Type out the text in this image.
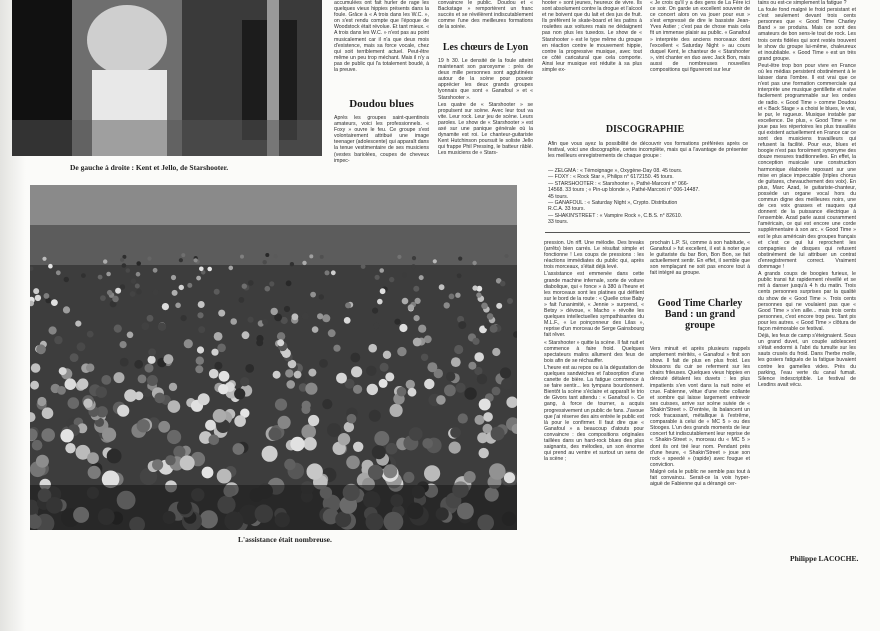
De gauche à droite : Kent et Jello, de Starshooter.
L'assistance était nombreuse.

accumulées ont fait hurler de rage les quelques vieux hippies présents dans la foule. Grâce à « A trois dans les W.C. », on s'est rendu compte que l'époque de Woodstock était révolue. Et tant mieux. « A trois dans les W.C. » n'est pas au point musicalement car il n'a que deux mois d'existence, mais sa force vocale, chez qui soit terriblement actuel. Peut-être même un peu trop méchant. Mais il n'y a pas de public qui l'a totalement boudé, à la preuve.

Doudou blues

Après les groupes saint-quentinois amateurs, voici les professionnels. « Foxy » ouvre le feu. Ce groupe s'est volontairement attribué une image teenager (adolescente) qui apparaît dans la tenue vestimentaire de ses musiciens (vestes bariolées, coupes de cheveux impec-

convaincre le public. Doudou et « Backstage » remportèrent un franc succès et se révélèrent indiscutablement comme l'une des meilleures formations de la soirée.

Les chœurs de Lyon

19 h 30. Le densité de la foule atteint maintenant son paroxysme : près de deux mille personnes sont agglutinées autour de la scène pour pouvoir apprécier les deux grands groupes lyonnais que sont « Ganafoul » et « Starshooter ».

Les quatre de « Starshooter » se propulsent sur scène. Avec leur tout va vite. Leur rock. Leur jeu de scène. Leurs paroles. Le show de « Starshooter » est axé sur une panique générale où la dynamite est roi. Le chanteur-guitariste Kent Hutchinson poursuit le soliste Jello qui frappe Phil Pressing, le batteur râblé. Les musiciens de « Stars-

hooter » sont jeunes, heureux de vivre. Ils sont absolument contre la drogue et l'alcool et ne boivent que du lait et des jus de fruit. Ils préfèrent le skate-board et les patins à roulettes aux voitures mais ne dédaignent pas non plus les tuxedos. Le show de « Starshooter » est le type même du groupe en réaction contre le mouvement hippie, contre la progressive musique, avec tout ce côté caricatural que cela comporte. Ainsi leur musique est réduite à sa plus simple ex-

« Je crois qu'il y a des gens de La Fère ici ce soir. On garde un excellent souvenir de ce concert alors on va jouer pour eux » s'est empressé de dire le bassiste Jean-Yves Astier ; c'est pas de chose mais cela fit un immense plaisir au public. « Ganafoul » interprète des anciens morceaux dont l'excellent « Saturday Night » au cours duquel Kent, le chanteur de « Starshooter », vint chanter en duo avec Jack Bon, mais aussi de nombreuses nouvelles compositions qui figureront sur leur

DISCOGRAPHIE

Afin que vous ayez la possibilité de découvrir vos formations préférées après ce festival, voici une discographie, certes incomplète, mais qui a l'avantage de présenter les meilleurs enregistrements de chaque groupe :

— ZELGMA : « Témoignage », Oxygène-Day 08. 45 tours.
— FOXY : « Rock Star », Philips n° 6172150. 45 tours.
— STARSHOOTER : « Starshooter », Pathé-Marconi n° 066-
14568. 33 tours ; « Pin-up blonde », Pathé-Marconi n° 006-14487.
45 tours.
— GANAFOUL : « Saturday Night », Crypto. Distribution
R.C.A. 33 tours.
— SHAKIN'STREET : « Vampire Rock », C.B.S. n° 82610.
33 tours.

pression. Un riff. Une mélodie. Des breaks (arrêts) bien carrés. Le résultat simple et fonctionne ! Les coups de pressions : les réactions immédiates du public qui, après trois morceaux, s'était déjà levé.

L'assistance est emmenée dans cette grande machine infernale, sorte de voiture diabolique, qui « fonce » à 380 à l'heure et les morceaux sont les platines qui défilent sur le bord de la route : « Quelle crise Baby » fait l'unanimité, « Jennie » surprend, « Betsy » dévoue, « Macho » révolte les quelques intellectuelles sympathisantes du M.L.F., « Le poinçonneur des Lilas », reprise d'un morceau de Serge Gainsbourg fait rêver.

« Starshooter » quitte la scène. Il fait nuit et commence à faire froid. Quelques spectateurs malins allument des feux de bois afin de se réchauffer.

L'heure est au repos ou à la dégustation de quelques sandwiches et l'absorption d'une canette de bière. La fatigue commence à se faire sentir... les tympans bourdonnent. Bientôt la scène s'éclaire et apparaît le trio de Givors tant attendu : « Ganafoul ». Ce gang, à force de tourner, a acquis progressivement un public de fans. J'avoue que j'ai réserve des airs entrée le public est là pour le confirmer. Il faut dire que « Ganafoul » a beaucoup d'atouts pour convaincre : des compositions originales taillées dans un hard-rock blues des plus saignants, des mélodies, un son énorme qui prend au ventre et surtout un sens de la scène ;

prochain L.P. Si, comme à son habitude, « Ganafoul » fut excellent, il est à noter que le guitariste du bar Bon, Bon Bon, se fait actuellement sentir. En effet, il semble que son remplaçant ne soit pas encore tout à fait intégré au groupe.

Good Time Charley Band : un grand groupe

Vers minuit et après plusieurs rappels amplement mérités, « Ganafoul » finit son show. Il fait de plus en plus froid. Les blousons du cuir se referment sur les chairs frileuses. Quelques vieux hippies en dérouté détalent les duvets : les plus impatients s'en vont dans la nuit noire et crue. Fabienne, vêtue d'une robe collante et sombre qui laisse largement entrevoir ses cuisses, arrive sur scène suivie de « Shakin'Street ». D'entrée, ils balancent un rock fracassant, métallique à l'extrême, comparable à celui de « MC 5 » ou des Stooges. L'un des grands moments de leur concert fut indiscutablement leur reprise de « Shakin-Street », morceau du « MC 5 » dont ils ont tiré leur nom. Pendant près d'une heure, « Shakin'Street » joue son rock « speedé » (rapide) avec fougue et conviction.

Malgré cela le public ne semble pas tout à fait convaincu. Serait-ce la voix hyper-aiguë de Fabienne qui a dérangé cer-

tains ou est-ce simplement la fatigue ?

La foule fond malgré le froid persistant et c'est seulement devant trois cents personnes que « Good Time Charley Band » se produira. Mais ce sont des amateurs de bon sens-le tout de rock. Les trois cents fidèles qui sont restés trouvent le show du groupe lui-même, chaleureux et inoubliable. « Good Time » est un très grand groupe.

Peut-être trop bon pour vivre en France où les médias persistent obstinément à le laisser dans l'ombre. Il est vrai que ce n'est pas une formation commerciale qui interprète une musique gentillette et naïve facilement programmable sur les ondes de radio. « Good Time » comme Doudou et « Back Stage » a choisi le blues, le vrai, le pur, le rugueux. Musique instable par excellence. De plus, « Good Time » ne joue pas les répertoires les plus travaillés qui existent actuellement en France car ce sont des musiciens travailleurs qui refusent la facilité. Pour eux, blues et boogie n'est pas forcément synonyme des douze mesures traditionnelles. En effet, la conception musicale une construction harmonique élaborée reposant sur une mise en place impeccable (triples chorus de guitares, chevauchement des voix). En plus, Marc Azad, le guitariste-chanteur, possède un organe vocal hors du commun digne des meilleures noirs, une de ces voix grasses et rauques qui donnent de la puissance électrique à l'ensemble. Azad parle aussi couramment l'américain, ce qui est encore une corde supplémentaire à son arc. « Good Time » est le plus américain des groupes français et c'est ce qui lui reprochent les compagnies de disques qui refusent obstinément de lui attribuer un contrat d'enregistrement correct. Vraiment dommage !

A grands coups de boogies furieux, le public transi fut rapidement réveillé et se mit à danser jusqu'à 4 h du matin. Trois cents personnes surprises par la qualité du show de « Good Time ». Trois cents personnes qui ne voulaient pas que « Good Time » s'en aille... mais trois cents personnes, c'est encore trop peu. Tant pis pour les autres. « Good Time » clôtura de façon mémorable ce festival.

Déjà, les feux de camp s'éteignaient. Sous un grand duvet, un couple adolescent s'était endormi à l'abri du tumulte sur les sauts crusés du froid. Dans l'herbe molle, les gosiers fatigués de la fatigue buvaient contre les gamelles vides. Près du parking, l'eau verte du canal fumait. Silence indescriptible. Le festival de Lesdins avait vécu.

Philippe LACOCHE.
